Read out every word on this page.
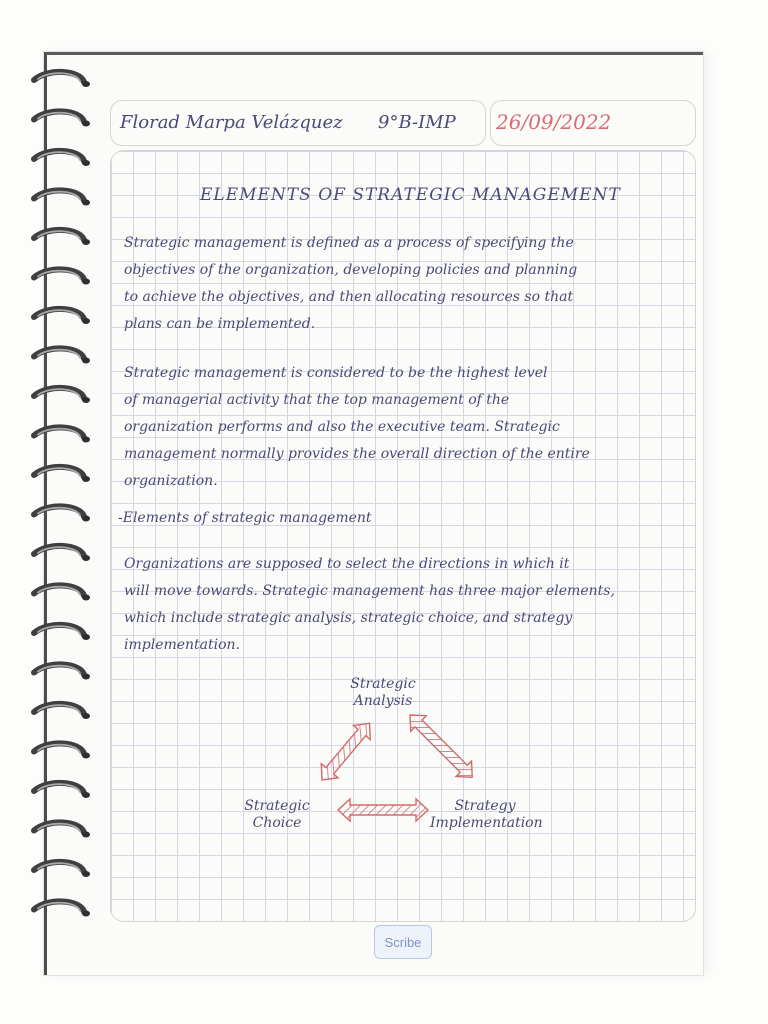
Florad Marpa Velázquez 9°B-IMP 26/09/2022
ELEMENTS OF STRATEGIC MANAGEMENT
Strategic management is defined as a process of specifying the
objectives of the organization, developing policies and planning
to achieve the objectives, and then allocating resources so that
plans can be implemented.
Strategic management is considered to be the highest level
of managerial activity that the top management of the
organization performs and also the executive team. Strategic
management normally provides the overall direction of the entire
organization.
-Elements of strategic management
Organizations are supposed to select the directions in which it
will move towards. Strategic management has three major elements,
which include strategic analysis, strategic choice, and strategy
implementation.
Strategic
Analysis
Strategic
Choice
Strategy
Implementation
Scribe
